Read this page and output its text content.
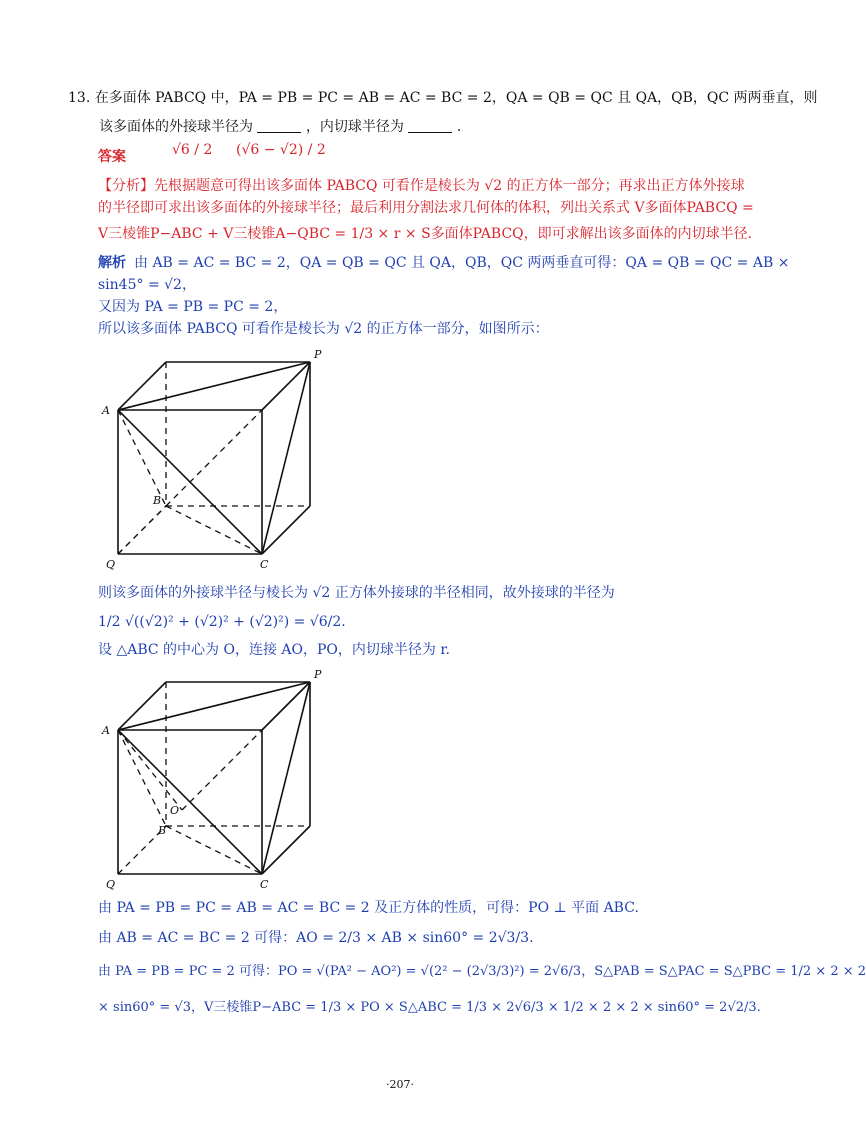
13. 在多面体 PABCQ 中，PA = PB = PC = AB = AC = BC = 2，QA = QB = QC 且 QA，QB，QC 两两垂直，则
该多面体的外接球半径为	，内切球半径为	.
答案	√6 / 2 (√6 − √2) / 2
【分析】先根据题意可得出该多面体 PABCQ 可看作是棱长为 √2 的正方体一部分；再求出正方体外接球
的半径即可求出该多面体的外接球半径；最后利用分割法求几何体的体积，列出关系式 V多面体PABCQ =
V三棱锥P−ABC + V三棱锥A−QBC = 1/3 × r × S多面体PABCQ，即可求解出该多面体的内切球半径.
解析 由 AB = AC = BC = 2，QA = QB = QC 且 QA，QB，QC 两两垂直可得：QA = QB = QC = AB ×
sin45° = √2，
又因为 PA = PB = PC = 2，
所以该多面体 PABCQ 可看作是棱长为 √2 的正方体一部分，如图所示：
P
A
B
Q	C
则该多面体的外接球半径与棱长为 √2 正方体外接球的半径相同，故外接球的半径为
1/2 √((√2)² + (√2)² + (√2)²) = √6/2.
设 △ABC 的中心为 O，连接 AO，PO，内切球半径为 r.
P
A
O
B
Q	C
由 PA = PB = PC = AB = AC = BC = 2 及正方体的性质，可得：PO ⊥ 平面 ABC.
由 AB = AC = BC = 2 可得：AO = 2/3 × AB × sin60° = 2√3/3.
由 PA = PB = PC = 2 可得：PO = √(PA² − AO²) = √(2² − (2√3/3)²) = 2√6/3，S△PAB = S△PAC = S△PBC = 1/2 × 2 × 2
× sin60° = √3，V三棱锥P−ABC = 1/3 × PO × S△ABC = 1/3 × 2√6/3 × 1/2 × 2 × 2 × sin60° = 2√2/3.
·207·
